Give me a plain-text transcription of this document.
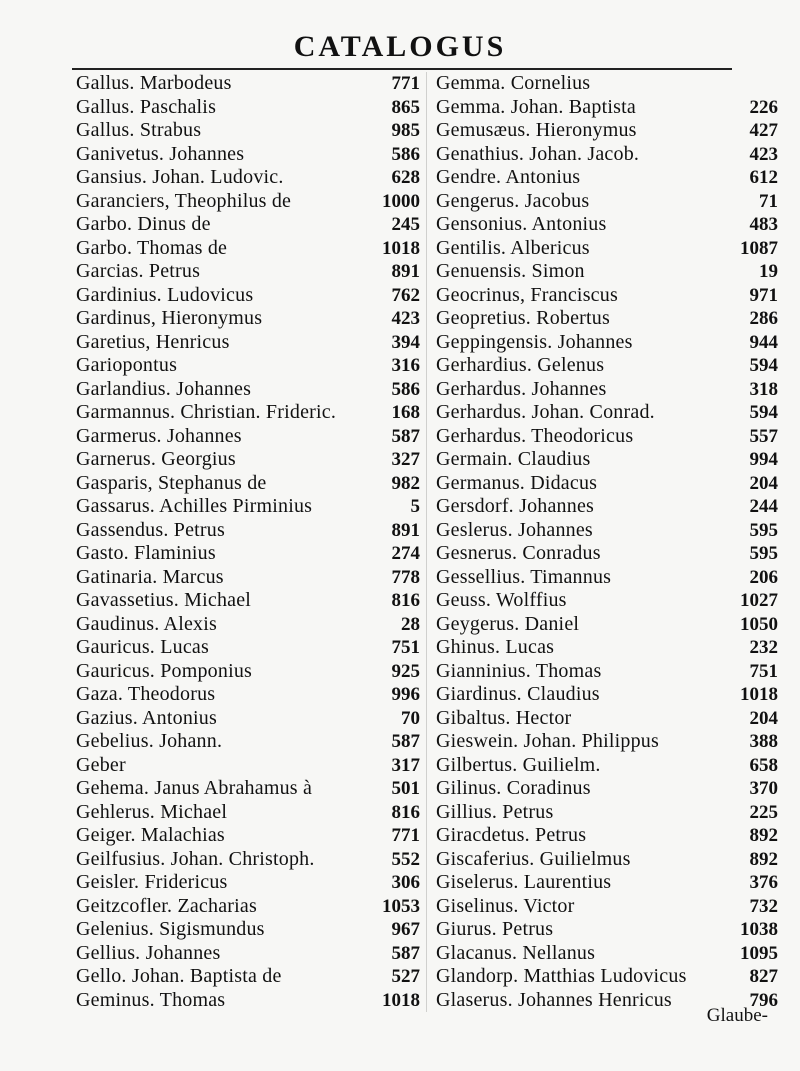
CATALOGUS
Gallus. Marbodeus	771
Gallus. Paschalis	865
Gallus. Strabus	985
Ganivetus. Johannes	586
Gansius. Johan. Ludovic.	628
Garanciers, Theophilus de	1000
Garbo. Dinus de	245
Garbo. Thomas de	1018
Garcias. Petrus	891
Gardinius. Ludovicus	762
Gardinus, Hieronymus	423
Garetius, Henricus	394
Gariopontus	316
Garlandius. Johannes	586
Garmannus. Christian. Frideric.	168
Garmerus. Johannes	587
Garnerus. Georgius	327
Gasparis, Stephanus de	982
Gassarus. Achilles Pirminius	5
Gassendus. Petrus	891
Gasto. Flaminius	274
Gatinaria. Marcus	778
Gavassetius. Michael	816
Gaudinus. Alexis	28
Gauricus. Lucas	751
Gauricus. Pomponius	925
Gaza. Theodorus	996
Gazius. Antonius	70
Gebelius. Johann.	587
Geber	317
Gehema. Janus Abrahamus à	501
Gehlerus. Michael	816
Geiger. Malachias	771
Geilfusius. Johan. Christoph.	552
Geisler. Fridericus	306
Geitzcofler. Zacharias	1053
Gelenius. Sigismundus	967
Gellius. Johannes	587
Gello. Johan. Baptista de	527
Geminus. Thomas	1018
Gemma. Cornelius
Gemma. Johan. Baptista	226
Gemusæus. Hieronymus	427
Genathius. Johan. Jacob.	423
Gendre. Antonius	612
Gengerus. Jacobus	71
Gensonius. Antonius	483
Gentilis. Albericus	1087
Genuensis. Simon	19
Geocrinus, Franciscus	971
Geopretius. Robertus	286
Geppingensis. Johannes	944
Gerhardius. Gelenus	594
Gerhardus. Johannes	318
Gerhardus. Johan. Conrad.	594
Gerhardus. Theodoricus	557
Germain. Claudius	994
Germanus. Didacus	204
Gersdorf. Johannes	244
Geslerus. Johannes	595
Gesnerus. Conradus	595
Gessellius. Timannus	206
Geuss. Wolffius	1027
Geygerus. Daniel	1050
Ghinus. Lucas	232
Gianninius. Thomas	751
Giardinus. Claudius	1018
Gibaltus. Hector	204
Gieswein. Johan. Philippus	388
Gilbertus. Guilielm.	658
Gilinus. Coradinus	370
Gillius. Petrus	225
Giracdetus. Petrus	892
Giscaferius. Guilielmus	892
Giselerus. Laurentius	376
Giselinus. Victor	732
Giurus. Petrus	1038
Glacanus. Nellanus	1095
Glandorp. Matthias Ludovicus	827
Glaserus. Johannes Henricus	796
Glaube-
